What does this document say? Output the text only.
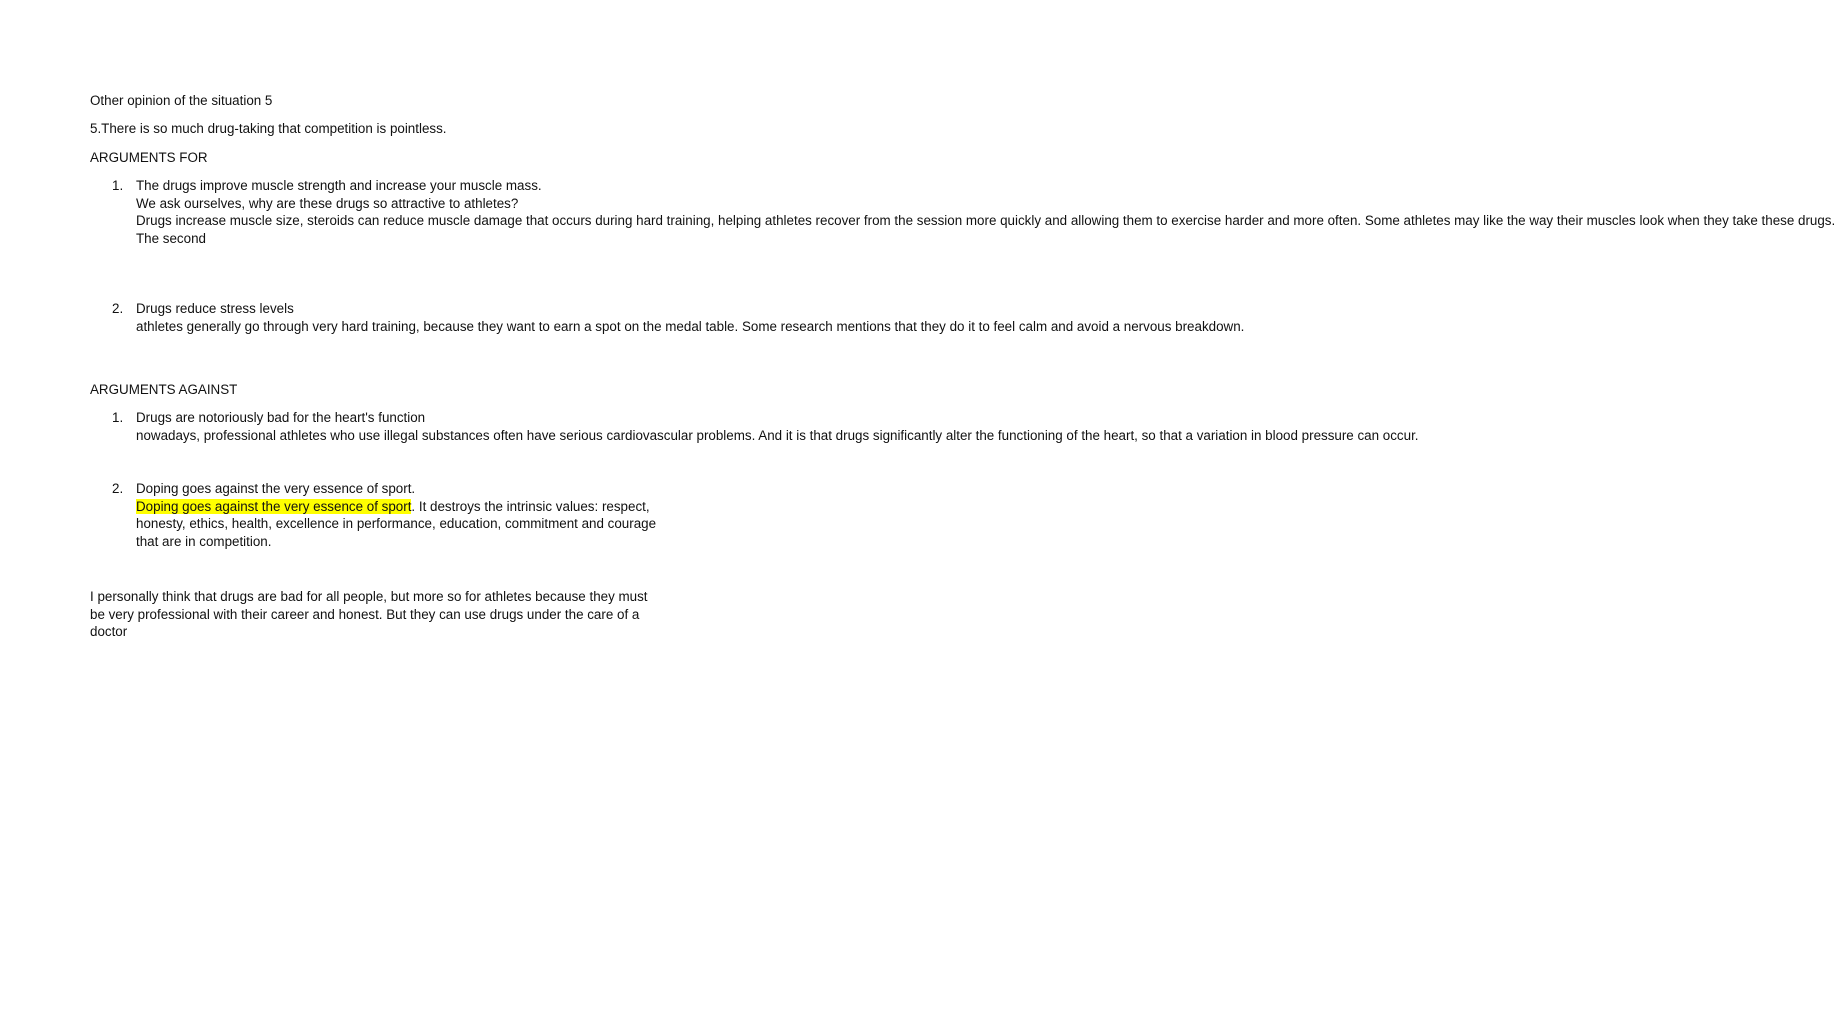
Other opinion of the situation 5
5.There is so much drug-taking that competition is pointless.
ARGUMENTS FOR
1. The drugs improve muscle strength and increase your muscle mass.
We ask ourselves, why are these drugs so attractive to athletes?
Drugs increase muscle size, steroids can reduce muscle damage that occurs during hard training, helping athletes recover from the session more quickly and allowing them to exercise harder and more often. Some athletes may like the way their muscles look when they take these drugs.
The second
2. Drugs reduce stress levels
athletes generally go through very hard training, because they want to earn a spot on the medal table. Some research mentions that they do it to feel calm and avoid a nervous breakdown.
ARGUMENTS AGAINST
1. Drugs are notoriously bad for the heart's function
nowadays, professional athletes who use illegal substances often have serious cardiovascular problems. And it is that drugs significantly alter the functioning of the heart, so that a variation in blood pressure can occur.
2. Doping goes against the very essence of sport.
Doping goes against the very essence of sport. It destroys the intrinsic values: respect,
honesty, ethics, health, excellence in performance, education, commitment and courage
that are in competition.
I personally think that drugs are bad for all people, but more so for athletes because they must
be very professional with their career and honest. But they can use drugs under the care of a
doctor
